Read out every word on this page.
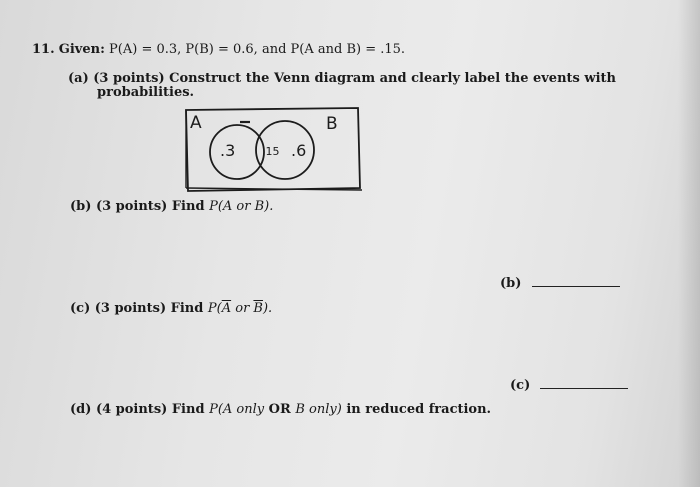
11. Given: P(A) = 0.3, P(B) = 0.6, and P(A and B) = .15.
(a) (3 points) Construct the Venn diagram and clearly label the events with
probabilities.
A	B
.3 .15 .6
(b) (3 points) Find P(A or B).
(b)
(c) (3 points) Find $P(\overline{A}$ or $\overline{B}$).
(c)
(d) (4 points) Find P(A only OR B only) in reduced fraction.
